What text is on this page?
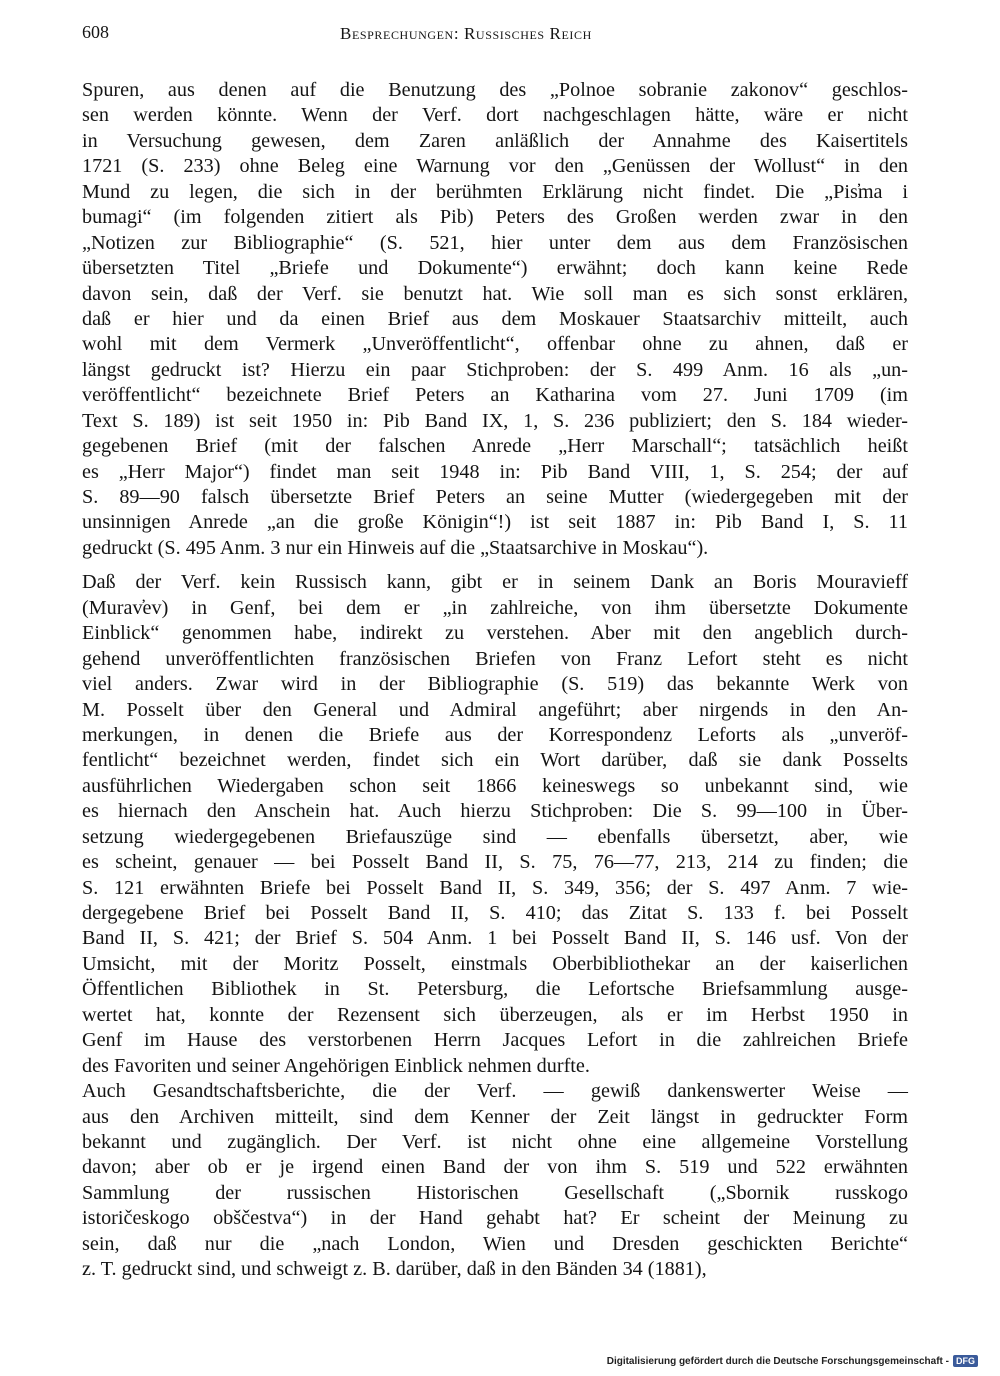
608	Besprechungen: Russisches Reich
Spuren, aus denen auf die Benutzung des „Polnoe sobranie zakonov“ geschlos-
sen werden könnte. Wenn der Verf. dort nachgeschlagen hätte, wäre er nicht
in Versuchung gewesen, dem Zaren anläßlich der Annahme des Kaisertitels
1721 (S. 233) ohne Beleg eine Warnung vor den „Genüssen der Wollust“ in den
Mund zu legen, die sich in der berühmten Erklärung nicht findet. Die „Pis̕ma i
bumagi“ (im folgenden zitiert als Pib) Peters des Großen werden zwar in den
„Notizen zur Bibliographie“ (S. 521, hier unter dem aus dem Französischen
übersetzten Titel „Briefe und Dokumente“) erwähnt; doch kann keine Rede
davon sein, daß der Verf. sie benutzt hat. Wie soll man es sich sonst erklären,
daß er hier und da einen Brief aus dem Moskauer Staatsarchiv mitteilt, auch
wohl mit dem Vermerk „Unveröffentlicht“, offenbar ohne zu ahnen, daß er
längst gedruckt ist? Hierzu ein paar Stichproben: der S. 499 Anm. 16 als „un-
veröffentlicht“ bezeichnete Brief Peters an Katharina vom 27. Juni 1709 (im
Text S. 189) ist seit 1950 in: Pib Band IX, 1, S. 236 publiziert; den S. 184 wieder-
gegebenen Brief (mit der falschen Anrede „Herr Marschall“; tatsächlich heißt
es „Herr Major“) findet man seit 1948 in: Pib Band VIII, 1, S. 254; der auf
S. 89—90 falsch übersetzte Brief Peters an seine Mutter (wiedergegeben mit der
unsinnigen Anrede „an die große Königin“!) ist seit 1887 in: Pib Band I, S. 11
gedruckt (S. 495 Anm. 3 nur ein Hinweis auf die „Staatsarchive in Moskau“).
Daß der Verf. kein Russisch kann, gibt er in seinem Dank an Boris Mouravieff
(Murav̕ev) in Genf, bei dem er „in zahlreiche, von ihm übersetzte Dokumente
Einblick“ genommen habe, indirekt zu verstehen. Aber mit den angeblich durch-
gehend unveröffentlichten französischen Briefen von Franz Lefort steht es nicht
viel anders. Zwar wird in der Bibliographie (S. 519) das bekannte Werk von
M. Posselt über den General und Admiral angeführt; aber nirgends in den An-
merkungen, in denen die Briefe aus der Korrespondenz Leforts als „unveröf-
fentlicht“ bezeichnet werden, findet sich ein Wort darüber, daß sie dank Posselts
ausführlichen Wiedergaben schon seit 1866 keineswegs so unbekannt sind, wie
es hiernach den Anschein hat. Auch hierzu Stichproben: Die S. 99—100 in Über-
setzung wiedergegebenen Briefauszüge sind — ebenfalls übersetzt, aber, wie
es scheint, genauer — bei Posselt Band II, S. 75, 76—77, 213, 214 zu finden; die
S. 121 erwähnten Briefe bei Posselt Band II, S. 349, 356; der S. 497 Anm. 7 wie-
dergegebene Brief bei Posselt Band II, S. 410; das Zitat S. 133 f. bei Posselt
Band II, S. 421; der Brief S. 504 Anm. 1 bei Posselt Band II, S. 146 usf. Von der
Umsicht, mit der Moritz Posselt, einstmals Oberbibliothekar an der kaiserlichen
Öffentlichen Bibliothek in St. Petersburg, die Lefortsche Briefsammlung ausge-
wertet hat, konnte der Rezensent sich überzeugen, als er im Herbst 1950 in
Genf im Hause des verstorbenen Herrn Jacques Lefort in die zahlreichen Briefe
des Favoriten und seiner Angehörigen Einblick nehmen durfte.
Auch Gesandtschaftsberichte, die der Verf. — gewiß dankenswerter Weise —
aus den Archiven mitteilt, sind dem Kenner der Zeit längst in gedruckter Form
bekannt und zugänglich. Der Verf. ist nicht ohne eine allgemeine Vorstellung
davon; aber ob er je irgend einen Band der von ihm S. 519 und 522 erwähnten
Sammlung der russischen Historischen Gesellschaft („Sbornik russkogo
istoričeskogo obščestva“) in der Hand gehabt hat? Er scheint der Meinung zu
sein, daß nur die „nach London, Wien und Dresden geschickten Berichte“
z. T. gedruckt sind, und schweigt z. B. darüber, daß in den Bänden 34 (1881),
Digitalisierung gefördert durch die Deutsche Forschungsgemeinschaft - DFG
